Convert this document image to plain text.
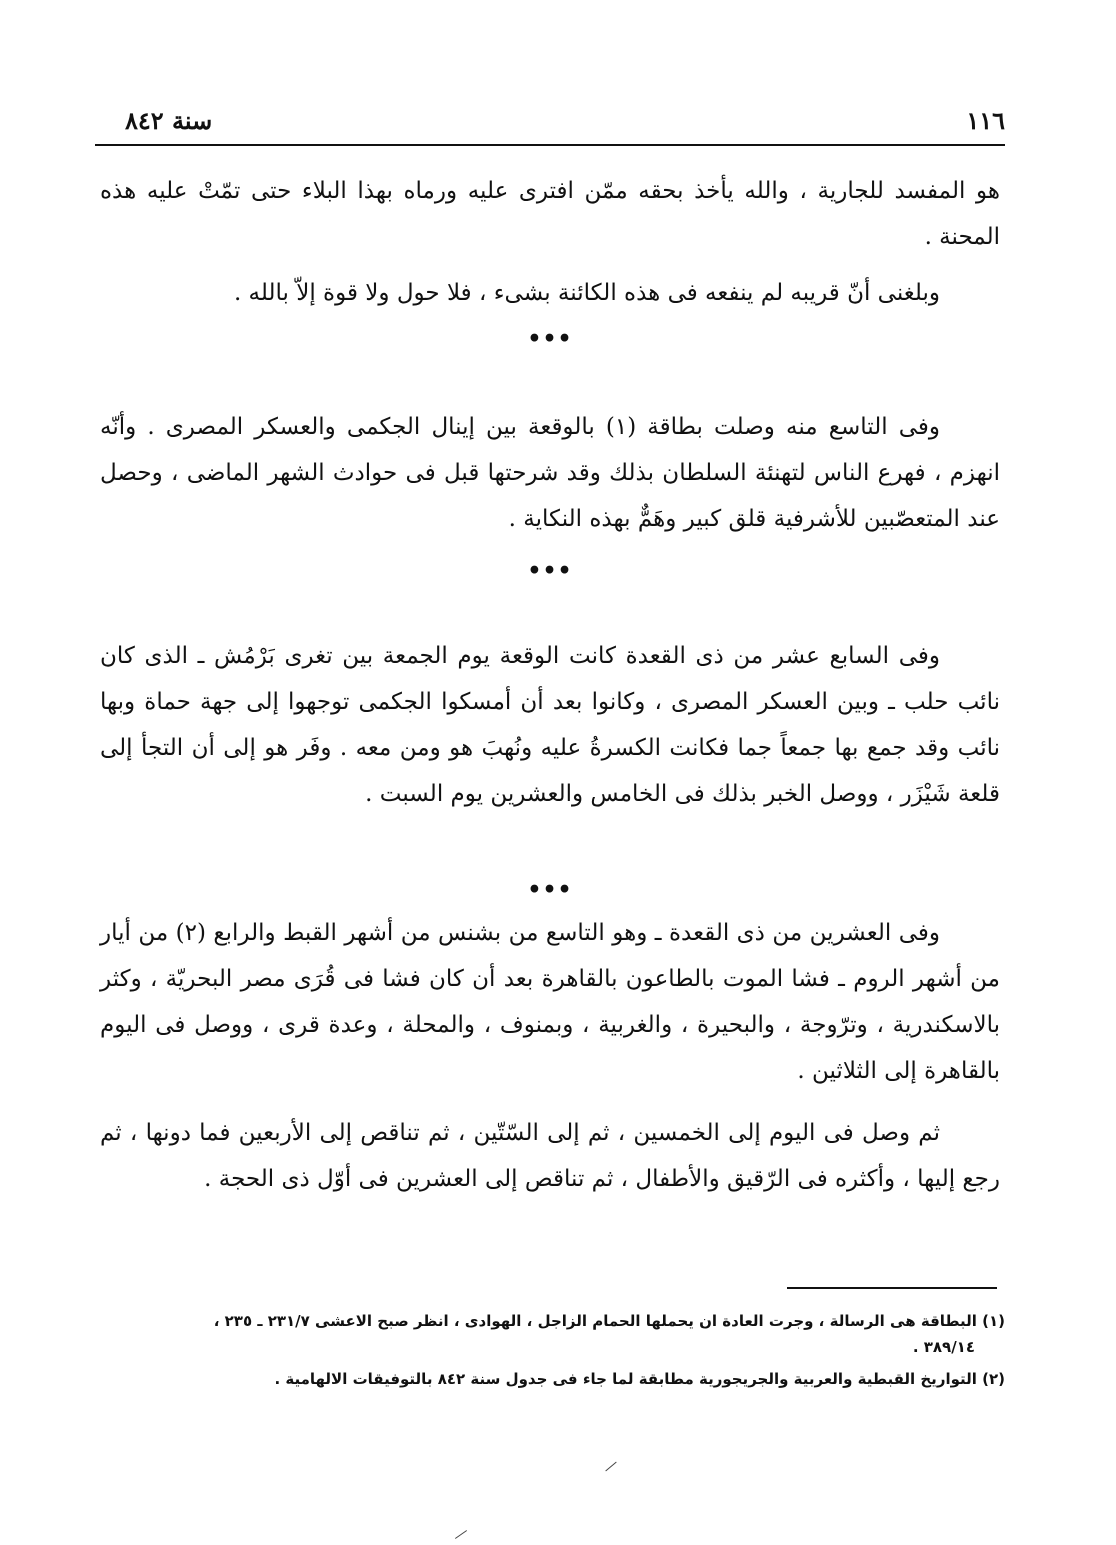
١١٦
سنة ٨٤٢

هو المفسد للجارية ، والله يأخذ بحقه ممّن افترى عليه ورماه بهذا البلاء حتى تمّتْ عليه هذه المحنة .

وبلغنى أنّ قريبه لم ينفعه فى هذه الكائنة بشىء ، فلا حول ولا قوة إلاّ بالله .

•••

وفى التاسع منه وصلت بطاقة (١) بالوقعة بين إينال الجكمى والعسكر المصرى . وأنّه انهزم ، فهرع الناس لتهنئة السلطان بذلك وقد شرحتها قبل فى حوادث الشهر الماضى ، وحصل عند المتعصّبين للأشرفية قلق كبير وهَمٌّ بهذه النكاية .

•••

وفى السابع عشر من ذى القعدة كانت الوقعة يوم الجمعة بين تغرى بَرْمُش ـ الذى كان نائب حلب ـ وبين العسكر المصرى ، وكانوا بعد أن أمسكوا الجكمى توجهوا إلى جهة حماة وبها نائب وقد جمع بها جمعاً جما فكانت الكسرةُ عليه ونُهبَ هو ومن معه . وفَر هو إلى أن التجأ إلى قلعة شَيْزَر ، ووصل الخبر بذلك فى الخامس والعشرين يوم السبت .

•••

وفى العشرين من ذى القعدة ـ وهو التاسع من بشنس من أشهر القبط والرابع (٢) من أيار من أشهر الروم ـ فشا الموت بالطاعون بالقاهرة بعد أن كان فشا فى قُرَى مصر البحريّة ، وكثر بالاسكندرية ، وترّوجة ، والبحيرة ، والغربية ، وبمنوف ، والمحلة ، وعدة قرى ، ووصل فى اليوم بالقاهرة إلى الثلاثين .

ثم وصل فى اليوم إلى الخمسين ، ثم إلى السّتّين ، ثم تناقص إلى الأربعين فما دونها ، ثم رجع إليها ، وأكثره فى الرّقيق والأطفال ، ثم تناقص إلى العشرين فى أوّل ذى الحجة .

(١) البطاقة هى الرسالة ، وجرت العادة ان يحملها الحمام الزاجل ، الهوادى ، انظر صبح الاعشى ٢٣١/٧ ـ ٢٣٥ ،

٣٨٩/١٤ .

(٢) التواريخ القبطية والعربية والجريجورية مطابقة لما جاء فى جدول سنة ٨٤٢ بالتوفيقات الالهامية .
